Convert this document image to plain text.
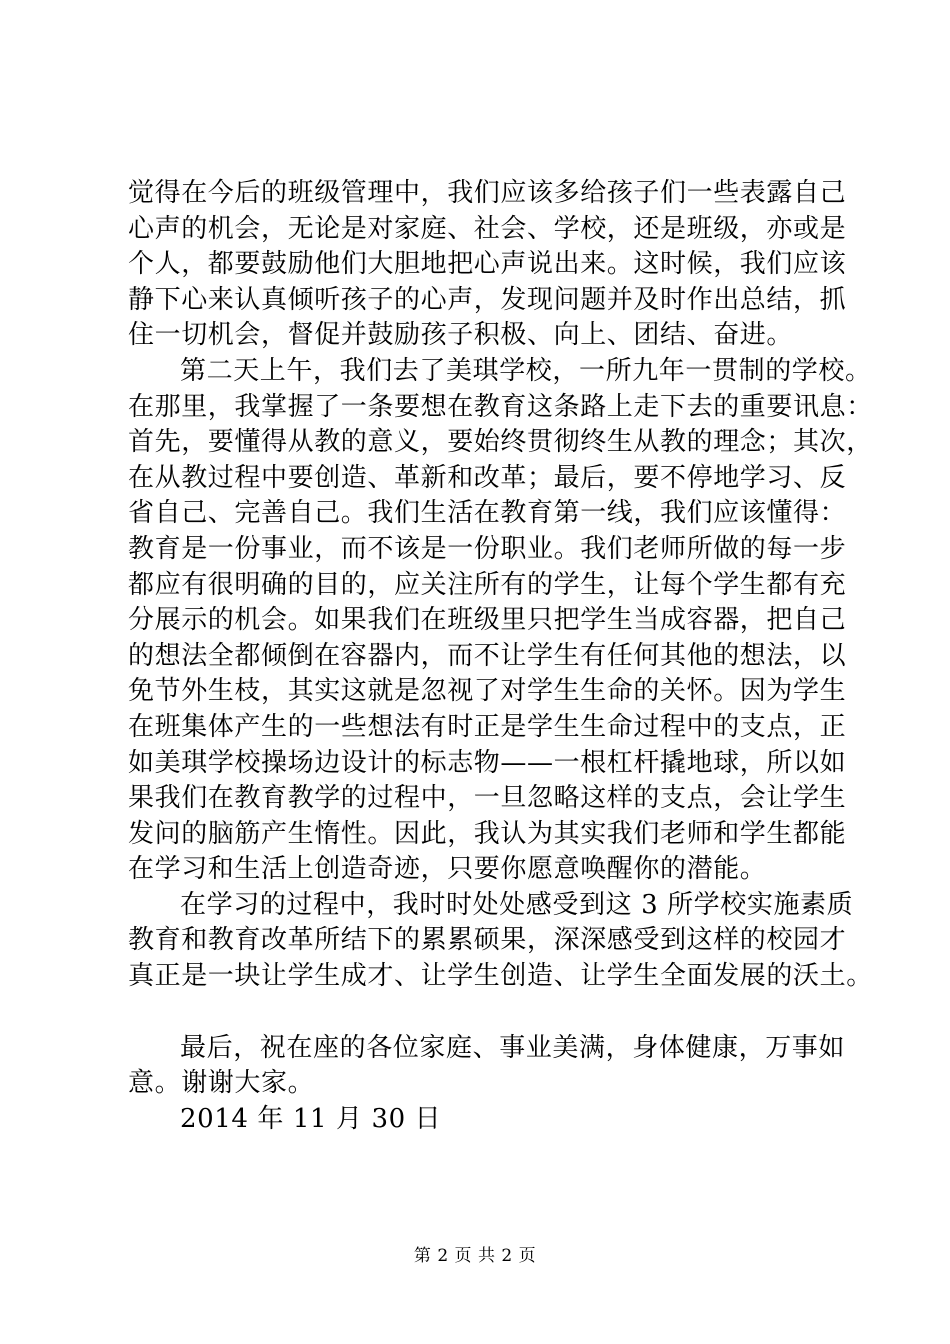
觉得在今后的班级管理中，我们应该多给孩子们一些表露自己

心声的机会，无论是对家庭、社会、学校，还是班级，亦或是

个人，都要鼓励他们大胆地把心声说出来。这时候，我们应该

静下心来认真倾听孩子的心声，发现问题并及时作出总结，抓

住一切机会，督促并鼓励孩子积极、向上、团结、奋进。

第二天上午，我们去了美琪学校，一所九年一贯制的学校。

在那里，我掌握了一条要想在教育这条路上走下去的重要讯息：

首先，要懂得从教的意义，要始终贯彻终生从教的理念；其次，

在从教过程中要创造、革新和改革；最后，要不停地学习、反

省自己、完善自己。我们生活在教育第一线，我们应该懂得：

教育是一份事业，而不该是一份职业。我们老师所做的每一步

都应有很明确的目的，应关注所有的学生，让每个学生都有充

分展示的机会。如果我们在班级里只把学生当成容器，把自己

的想法全都倾倒在容器内，而不让学生有任何其他的想法，以

免节外生枝，其实这就是忽视了对学生生命的关怀。因为学生

在班集体产生的一些想法有时正是学生生命过程中的支点，正

如美琪学校操场边设计的标志物——一根杠杆撬地球，所以如

果我们在教育教学的过程中，一旦忽略这样的支点，会让学生

发问的脑筋产生惰性。因此，我认为其实我们老师和学生都能

在学习和生活上创造奇迹，只要你愿意唤醒你的潜能。

在学习的过程中，我时时处处感受到这 3 所学校实施素质

教育和教育改革所结下的累累硕果，深深感受到这样的校园才

真正是一块让学生成才、让学生创造、让学生全面发展的沃土。

最后，祝在座的各位家庭、事业美满，身体健康，万事如

意。谢谢大家。

2014 年 11 月 30 日

第 2 页 共 2 页
